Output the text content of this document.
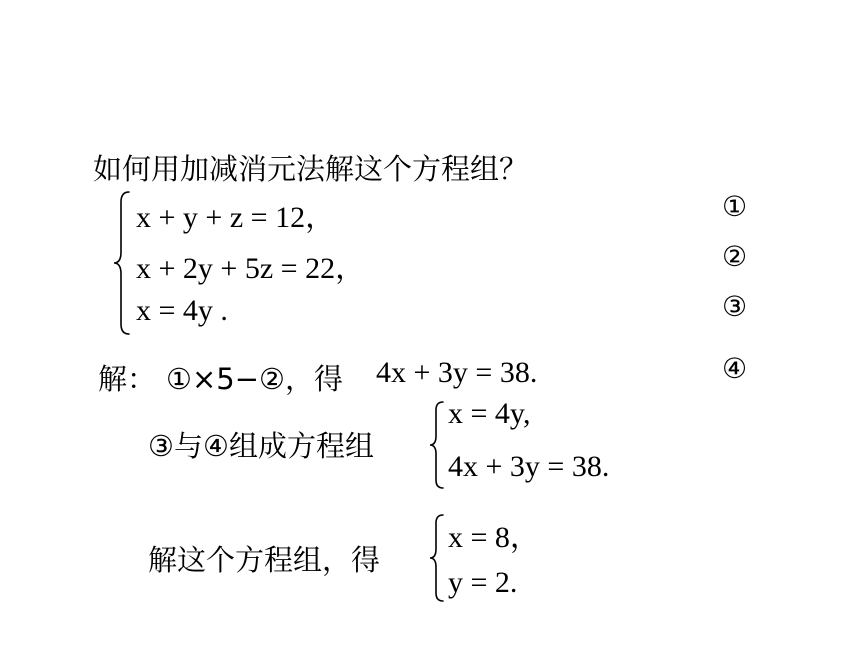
如何用加减消元法解这个方程组？
x + y + z = 12，
x + 2y + 5z = 22，
x = 4y .
①
②
③
④
解： ①×5−②，得 4x + 3y = 38.
③与④组成方程组
x = 4y,
4x + 3y = 38.
解这个方程组，得
x = 8，
y = 2.
